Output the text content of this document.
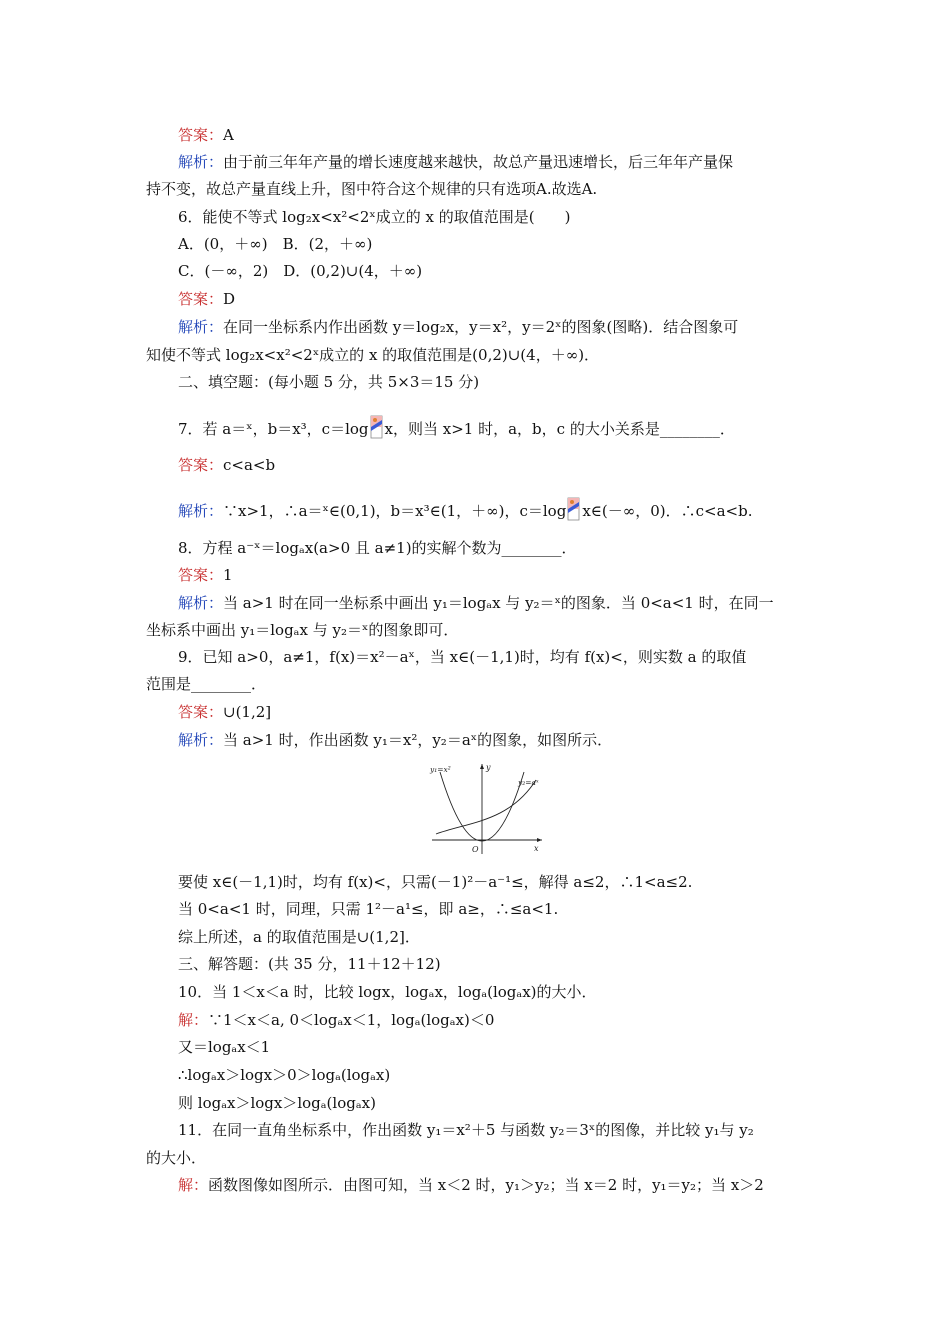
答案：A
解析：由于前三年年产量的增长速度越来越快，故总产量迅速增长，后三年年产量保
持不变，故总产量直线上升，图中符合这个规律的只有选项A.故选A.
6．能使不等式 log₂x<x²<2ˣ成立的 x 的取值范围是(　　)
A．(0，＋∞)　B．(2，＋∞)
C．(－∞，2)　D．(0,2)∪(4，＋∞)
答案：D
解析：在同一坐标系内作出函数 y＝log₂x，y＝x²，y＝2ˣ的图象(图略)．结合图象可
知使不等式 log₂x<x²<2ˣ成立的 x 的取值范围是(0,2)∪(4，＋∞)．
二、填空题：(每小题 5 分，共 5×3＝15 分)
7．若 a＝ˣ，b＝x³，c＝log x，则当 x>1 时，a，b，c 的大小关系是________．
答案：c<a<b
解析：∵x>1，∴a＝ˣ∈(0,1)，b＝x³∈(1，＋∞)，c＝log x∈(－∞，0)．∴c<a<b.
8．方程 a⁻ˣ＝logₐx(a>0 且 a≠1)的实解个数为________．
答案：1
解析：当 a>1 时在同一坐标系中画出 y₁＝logₐx 与 y₂＝ˣ的图象．当 0<a<1 时，在同一
坐标系中画出 y₁＝logₐx 与 y₂＝ˣ的图象即可．
9．已知 a>0，a≠1，f(x)＝x²－aˣ，当 x∈(－1,1)时，均有 f(x)<，则实数 a 的取值
范围是________．
答案：∪(1,2]
解析：当 a>1 时，作出函数 y₁＝x²，y₂＝aˣ的图象，如图所示．
要使 x∈(－1,1)时，均有 f(x)<，只需(－1)²－a⁻¹≤，解得 a≤2，∴1<a≤2.
当 0<a<1 时，同理，只需 1²－a¹≤，即 a≥，∴≤a<1.
综上所述，a 的取值范围是∪(1,2]．
三、解答题：(共 35 分，11＋12＋12)
10．当 1＜x＜a 时，比较 logx，logₐx，logₐ(logₐx)的大小．
解：∵1＜x＜a, 0＜logₐx＜1，logₐ(logₐx)＜0
又＝logₐx＜1
∴logₐx＞logx＞0＞logₐ(logₐx)
则 logₐx＞logx＞logₐ(logₐx)
11．在同一直角坐标系中，作出函数 y₁＝x²＋5 与函数 y₂＝3ˣ的图像，并比较 y₁与 y₂
的大小．
解：函数图像如图所示．由图可知，当 x＜2 时，y₁＞y₂；当 x＝2 时，y₁＝y₂；当 x＞2
y₁=x²
y₂=aˣ
y
x
O
